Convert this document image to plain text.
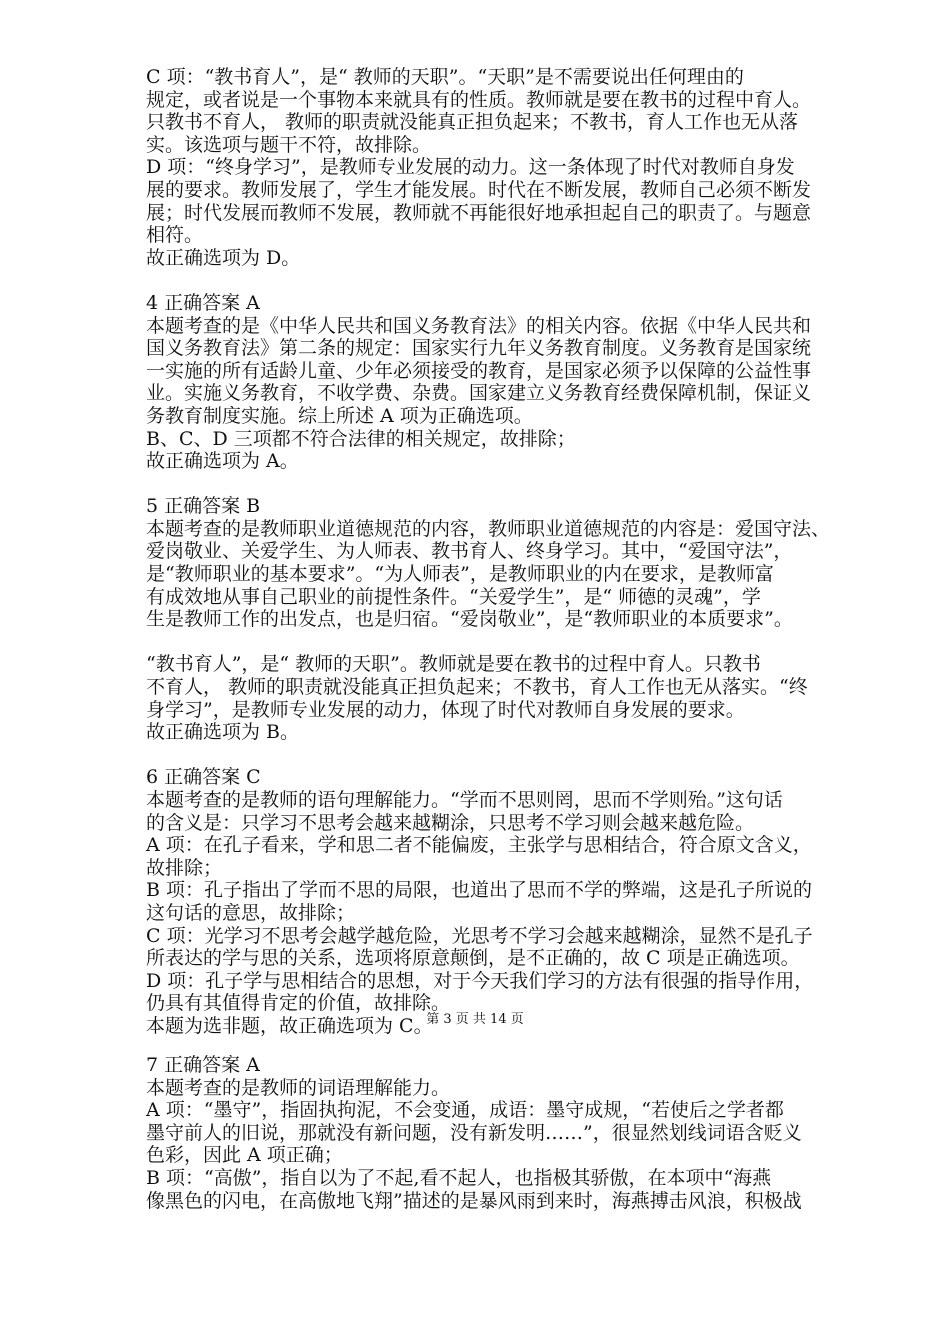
C 项：“教书育人”，是“ 教师的天职”。“天职”是不需要说出任何理由的
规定，或者说是一个事物本来就具有的性质。教师就是要在教书的过程中育人。
只教书不育人， 教师的职责就没能真正担负起来；不教书，育人工作也无从落
实。该选项与题干不符，故排除。
D 项：“终身学习”，是教师专业发展的动力。这一条体现了时代对教师自身发
展的要求。教师发展了，学生才能发展。时代在不断发展，教师自己必须不断发
展；时代发展而教师不发展，教师就不再能很好地承担起自己的职责了。与题意
相符。
故正确选项为 D。
4 正确答案 A
本题考查的是《中华人民共和国义务教育法》的相关内容。依据《中华人民共和
国义务教育法》第二条的规定：国家实行九年义务教育制度。义务教育是国家统
一实施的所有适龄儿童、少年必须接受的教育，是国家必须予以保障的公益性事
业。实施义务教育，不收学费、杂费。国家建立义务教育经费保障机制，保证义
务教育制度实施。综上所述 A 项为正确选项。
B、C、D 三项都不符合法律的相关规定，故排除；
故正确选项为 A。
5 正确答案 B
本题考查的是教师职业道德规范的内容，教师职业道德规范的内容是：爱国守法、
爱岗敬业、关爱学生、为人师表、教书育人、终身学习。其中，“爱国守法”，
是“教师职业的基本要求”。“为人师表”，是教师职业的内在要求，是教师富
有成效地从事自己职业的前提性条件。“关爱学生”，是“ 师德的灵魂”，学
生是教师工作的出发点，也是归宿。“爱岗敬业”，是“教师职业的本质要求”。
“教书育人”，是“ 教师的天职”。教师就是要在教书的过程中育人。只教书
不育人， 教师的职责就没能真正担负起来；不教书，育人工作也无从落实。“终
身学习”，是教师专业发展的动力，体现了时代对教师自身发展的要求。
故正确选项为 B。
6 正确答案 C
本题考查的是教师的语句理解能力。“学而不思则罔，思而不学则殆。”这句话
的含义是：只学习不思考会越来越糊涂，只思考不学习则会越来越危险。
A 项：在孔子看来，学和思二者不能偏废，主张学与思相结合，符合原文含义，
故排除；
B 项：孔子指出了学而不思的局限，也道出了思而不学的弊端，这是孔子所说的
这句话的意思，故排除；
C 项：光学习不思考会越学越危险，光思考不学习会越来越糊涂，显然不是孔子
所表达的学与思的关系，选项将原意颠倒，是不正确的，故 C 项是正确选项。
D 项：孔子学与思相结合的思想，对于今天我们学习的方法有很强的指导作用，
仍具有其值得肯定的价值，故排除。
本题为选非题，故正确选项为 C。
第 3 页 共 14 页
7 正确答案 A
本题考查的是教师的词语理解能力。
A 项：“墨守”，指固执拘泥，不会变通，成语：墨守成规，“若使后之学者都
墨守前人的旧说，那就没有新问题，没有新发明……”，很显然划线词语含贬义
色彩，因此 A 项正确；
B 项：“高傲”，指自以为了不起,看不起人，也指极其骄傲，在本项中“海燕
像黑色的闪电，在高傲地飞翔”描述的是暴风雨到来时，海燕搏击风浪，积极战
